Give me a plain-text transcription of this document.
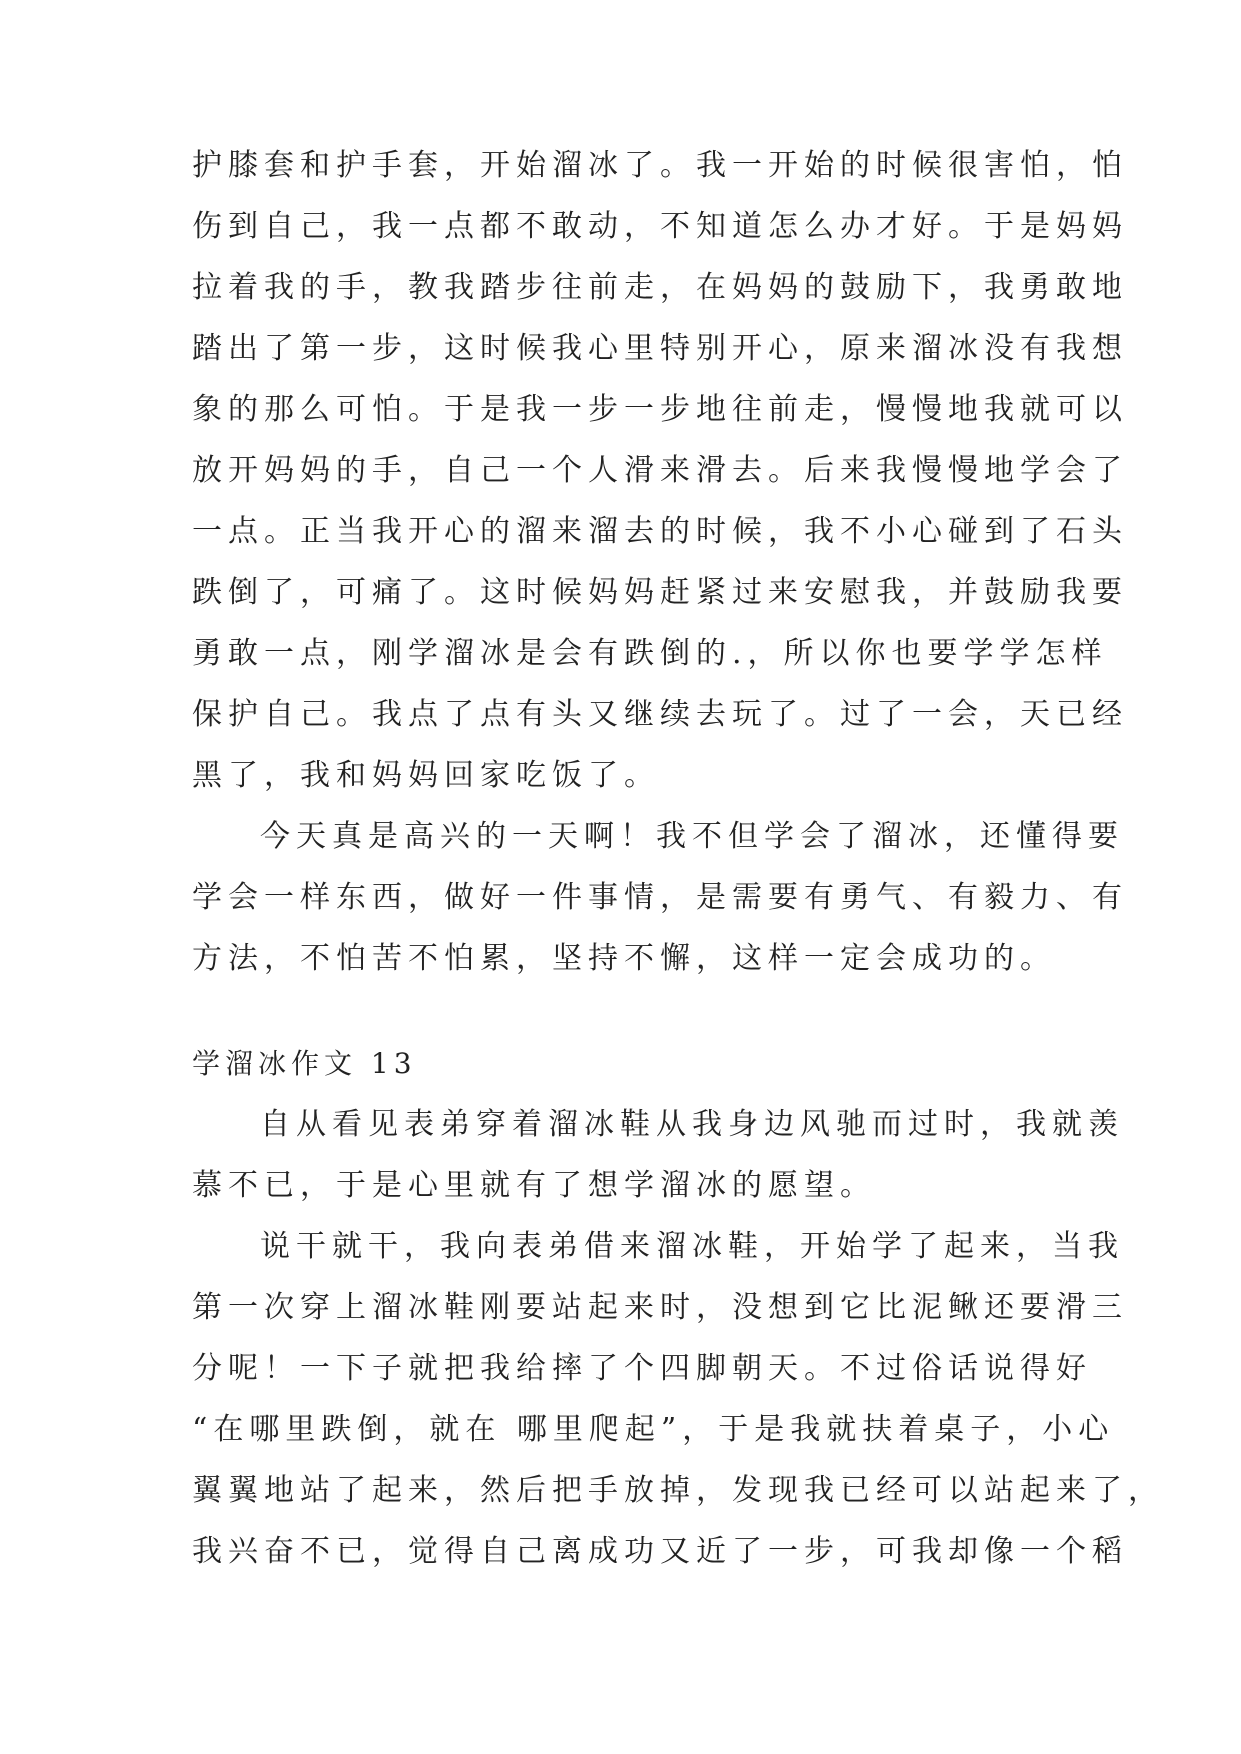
护膝套和护手套，开始溜冰了。我一开始的时候很害怕，怕
伤到自己，我一点都不敢动，不知道怎么办才好。于是妈妈
拉着我的手，教我踏步往前走，在妈妈的鼓励下，我勇敢地
踏出了第一步，这时候我心里特别开心，原来溜冰没有我想
象的那么可怕。于是我一步一步地往前走，慢慢地我就可以
放开妈妈的手，自己一个人滑来滑去。后来我慢慢地学会了
一点。正当我开心的溜来溜去的时候，我不小心碰到了石头
跌倒了，可痛了。这时候妈妈赶紧过来安慰我，并鼓励我要
勇敢一点，刚学溜冰是会有跌倒的.，所以你也要学学怎样
保护自己。我点了点有头又继续去玩了。过了一会，天已经
黑了，我和妈妈回家吃饭了。
今天真是高兴的一天啊！我不但学会了溜冰，还懂得要
学会一样东西，做好一件事情，是需要有勇气、有毅力、有
方法，不怕苦不怕累，坚持不懈，这样一定会成功的。
学溜冰作文 13
自从看见表弟穿着溜冰鞋从我身边风驰而过时，我就羡
慕不已，于是心里就有了想学溜冰的愿望。
说干就干，我向表弟借来溜冰鞋，开始学了起来，当我
第一次穿上溜冰鞋刚要站起来时，没想到它比泥鳅还要滑三
分呢！一下子就把我给摔了个四脚朝天。不过俗话说得好
“在哪里跌倒，就在 哪里爬起”，于是我就扶着桌子，小心
翼翼地站了起来，然后把手放掉，发现我已经可以站起来了，
我兴奋不已，觉得自己离成功又近了一步，可我却像一个稻
